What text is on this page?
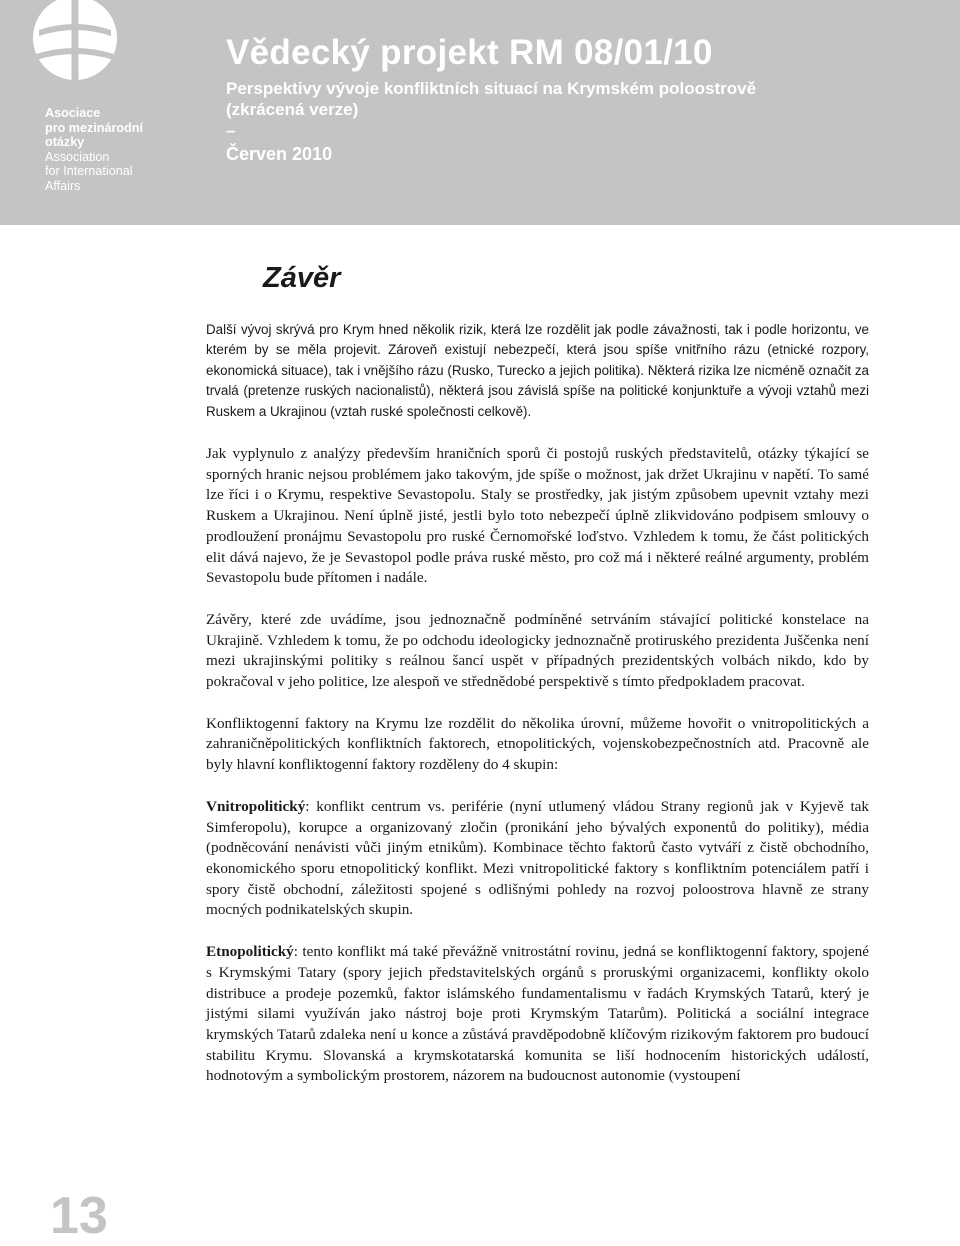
Asociace
pro mezinárodní
otázky
Association
for International
Affairs
Vědecký projekt RM 08/01/10
Perspektivy vývoje konfliktních situací na Krymském poloostrově
(zkrácená verze)
–
Červen 2010
Závěr

Další vývoj skrývá pro Krym hned několik rizik, která lze rozdělit jak podle závažnosti, tak i podle horizontu, ve kterém by se měla projevit. Zároveň existují nebezpečí, která jsou spíše vnitřního rázu (etnické rozpory, ekonomická situace), tak i vnějšího rázu (Rusko, Turecko a jejich politika). Některá rizika lze nicméně označit za trvalá (pretenze ruských nacionalistů), některá jsou závislá spíše na politické konjunktuře a vývoji vztahů mezi Ruskem a Ukrajinou (vztah ruské společnosti celkově).

Jak vyplynulo z analýzy především hraničních sporů či postojů ruských představitelů, otázky týkající se sporných hranic nejsou problémem jako takovým, jde spíše o možnost, jak držet Ukrajinu v napětí. To samé lze říci i o Krymu, respektive Sevastopolu. Staly se prostředky, jak jistým způsobem upevnit vztahy mezi Ruskem a Ukrajinou. Není úplně jisté, jestli bylo toto nebezpečí úplně zlikvidováno podpisem smlouvy o prodloužení pronájmu Sevastopolu pro ruské Černomořské loďstvo. Vzhledem k tomu, že část politických elit dává najevo, že je Sevastopol podle práva ruské město, pro což má i některé reálné argumenty, problém Sevastopolu bude přítomen i nadále.

Závěry, které zde uvádíme, jsou jednoznačně podmíněné setrváním stávající politické konstelace na Ukrajině. Vzhledem k tomu, že po odchodu ideologicky jednoznačně protiruského prezidenta Juščenka není mezi ukrajinskými politiky s reálnou šancí uspět v případných prezidentských volbách nikdo, kdo by pokračoval v jeho politice, lze alespoň ve střednědobé perspektivě s tímto předpokladem pracovat.

Konfliktogenní faktory na Krymu lze rozdělit do několika úrovní, můžeme hovořit o vnitropolitických a zahraničněpolitických konfliktních faktorech, etnopolitických, vojenskobezpečnostních atd. Pracovně ale byly hlavní konfliktogenní faktory rozděleny do 4 skupin:

Vnitropolitický: konflikt centrum vs. periférie (nyní utlumený vládou Strany regionů jak v Kyjevě tak Simferopolu), korupce a organizovaný zločin (pronikání jeho bývalých exponentů do politiky), média (podněcování nenávisti vůči jiným etnikům). Kombinace těchto faktorů často vytváří z čistě obchodního, ekonomického sporu etnopolitický konflikt. Mezi vnitropolitické faktory s konfliktním potenciálem patří i spory čistě obchodní, záležitosti spojené s odlišnými pohledy na rozvoj poloostrova hlavně ze strany mocných podnikatelských skupin.

Etnopolitický: tento konflikt má také převážně vnitrostátní rovinu, jedná se konfliktogenní faktory, spojené s Krymskými Tatary (spory jejich představitelských orgánů s proruskými organizacemi, konflikty okolo distribuce a prodeje pozemků, faktor islámského fundamentalismu v řadách Krymských Tatarů, který je jistými silami využíván jako nástroj boje proti Krymským Tatarům). Politická a sociální integrace krymských Tatarů zdaleka není u konce a zůstává pravděpodobně klíčovým rizikovým faktorem pro budoucí stabilitu Krymu. Slovanská a krymskotatarská komunita se liší hodnocením historických událostí, hodnotovým a symbolickým prostorem, názorem na budoucnost autonomie (vystoupení

13
